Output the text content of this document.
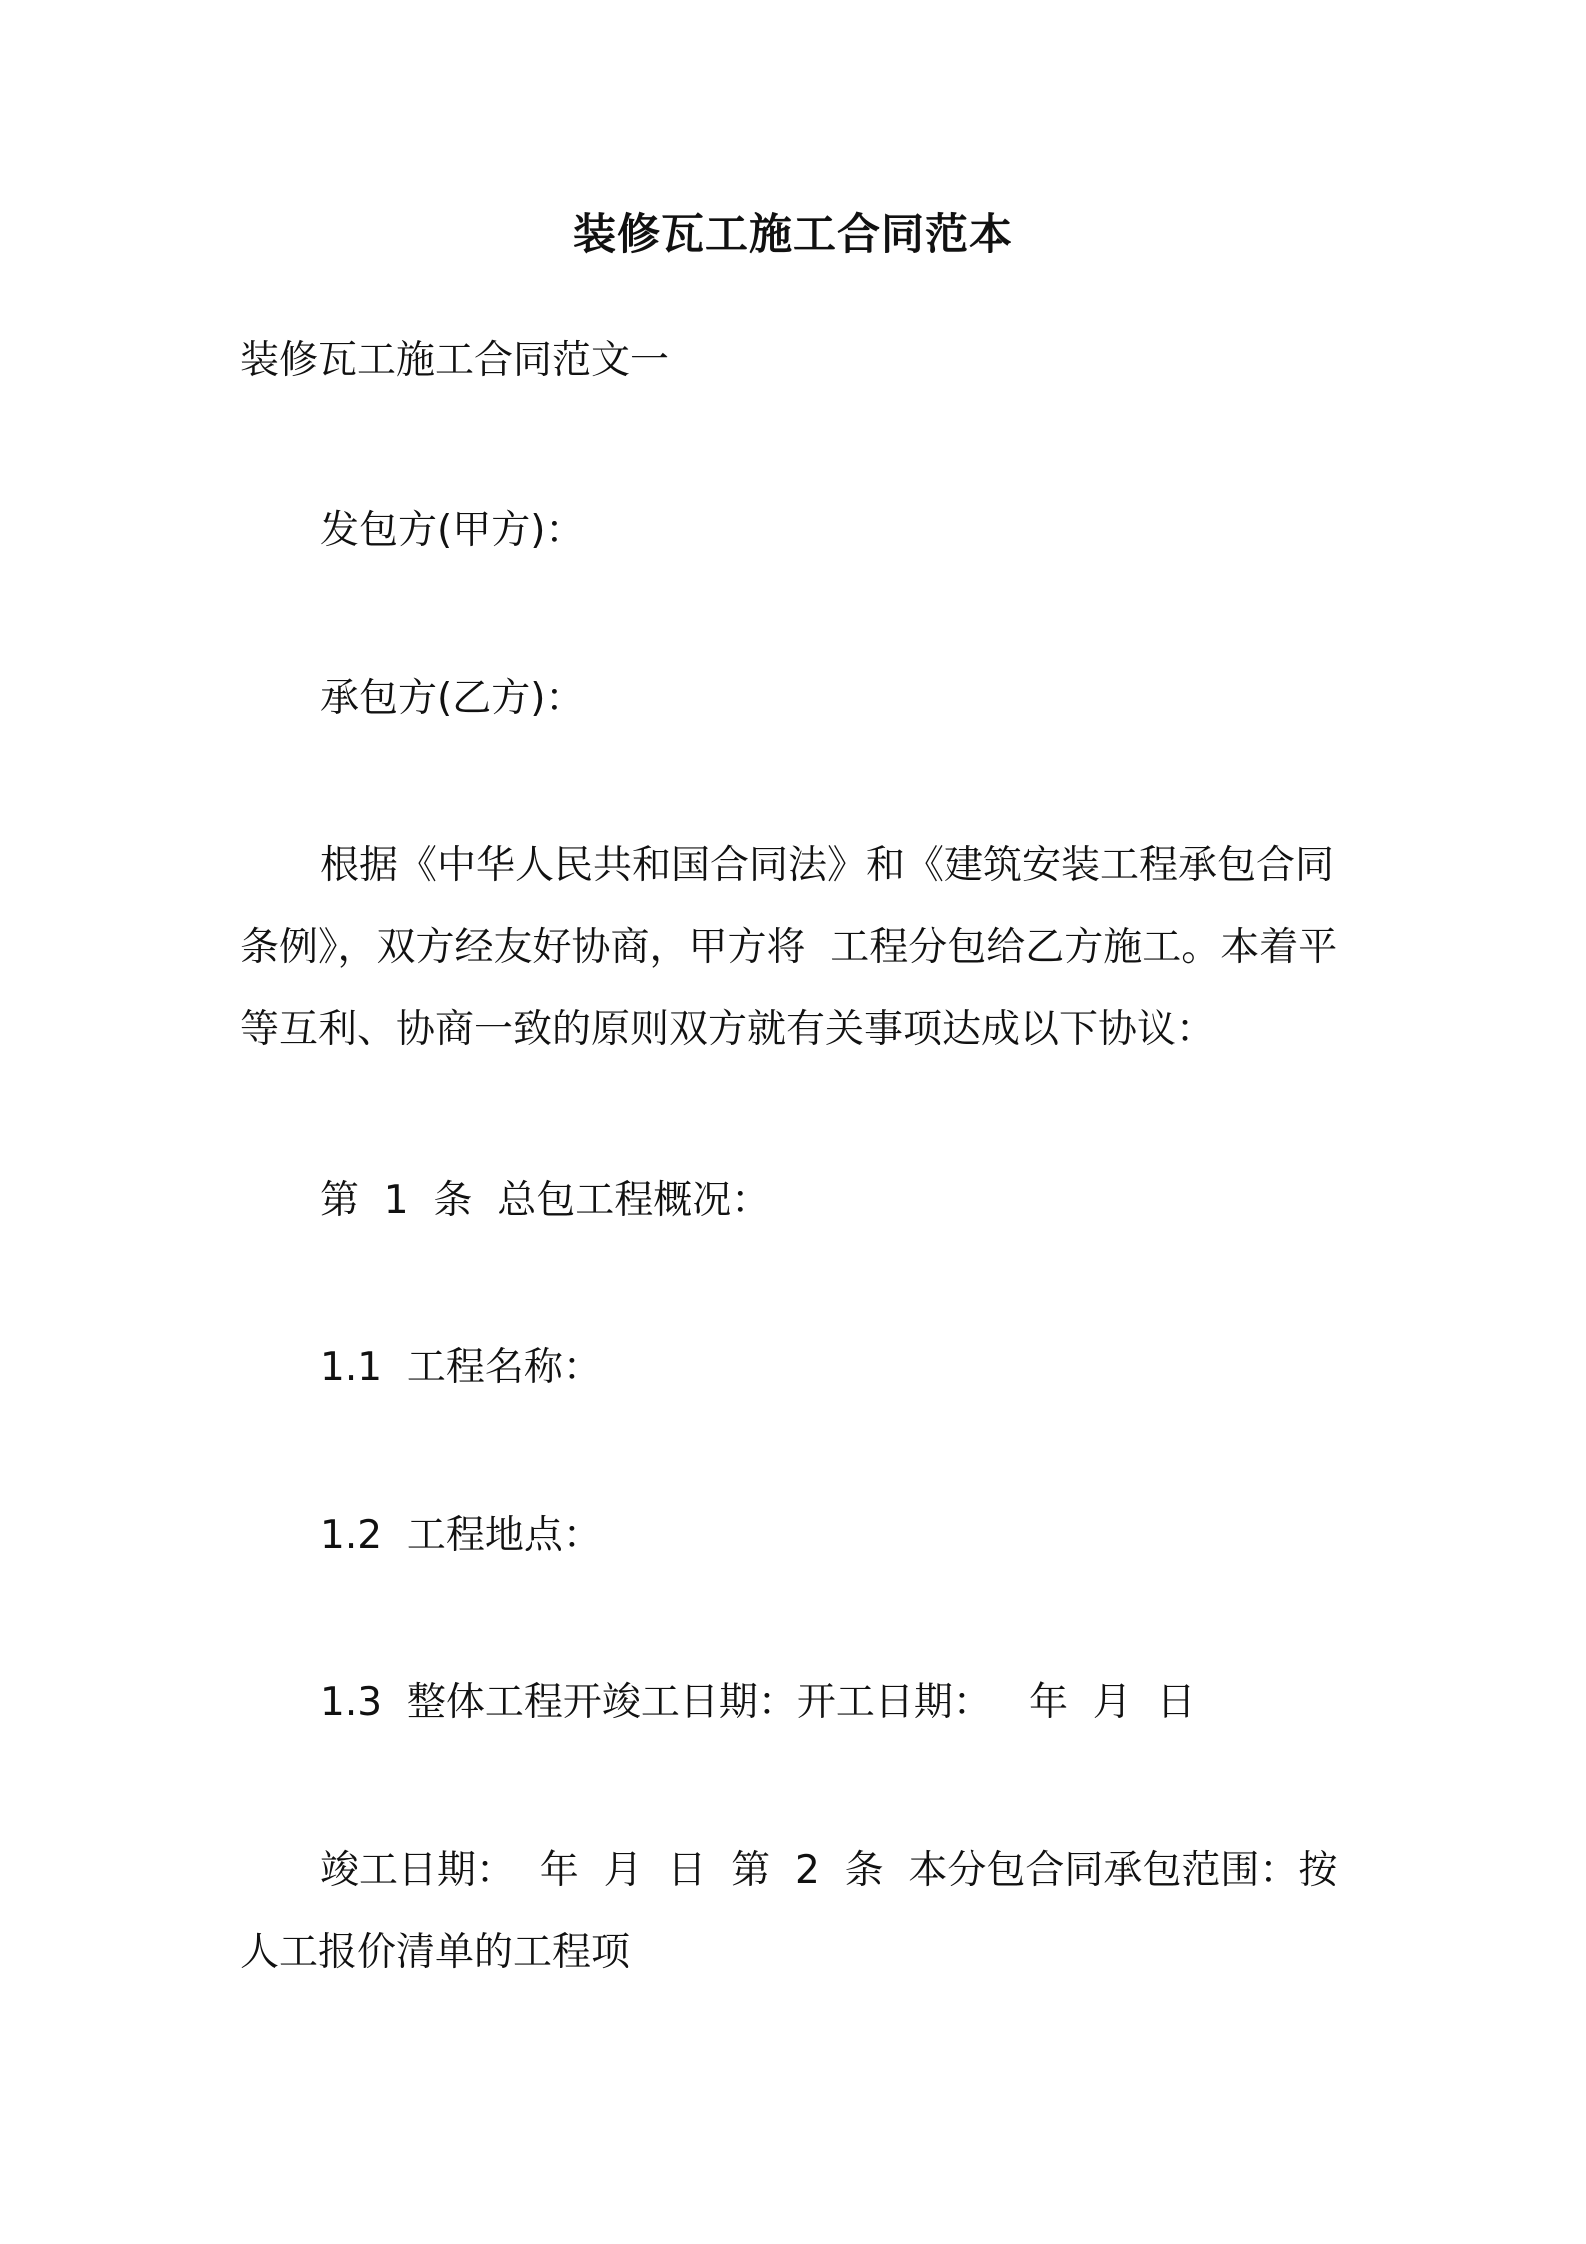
装修瓦工施工合同范本

装修瓦工施工合同范文一

发包方(甲方)：

承包方(乙方)：

根据《中华人民共和国合同法》和《建筑安装工程承包合同条例》，双方经友好协商，甲方将  工程分包给乙方施工。本着平等互利、协商一致的原则双方就有关事项达成以下协议：

第  1  条  总包工程概况：

1.1  工程名称：

1.2  工程地点：

1.3  整体工程开竣工日期：开工日期：   年  月  日

竣工日期：  年  月  日  第  2  条  本分包合同承包范围：按人工报价清单的工程项
